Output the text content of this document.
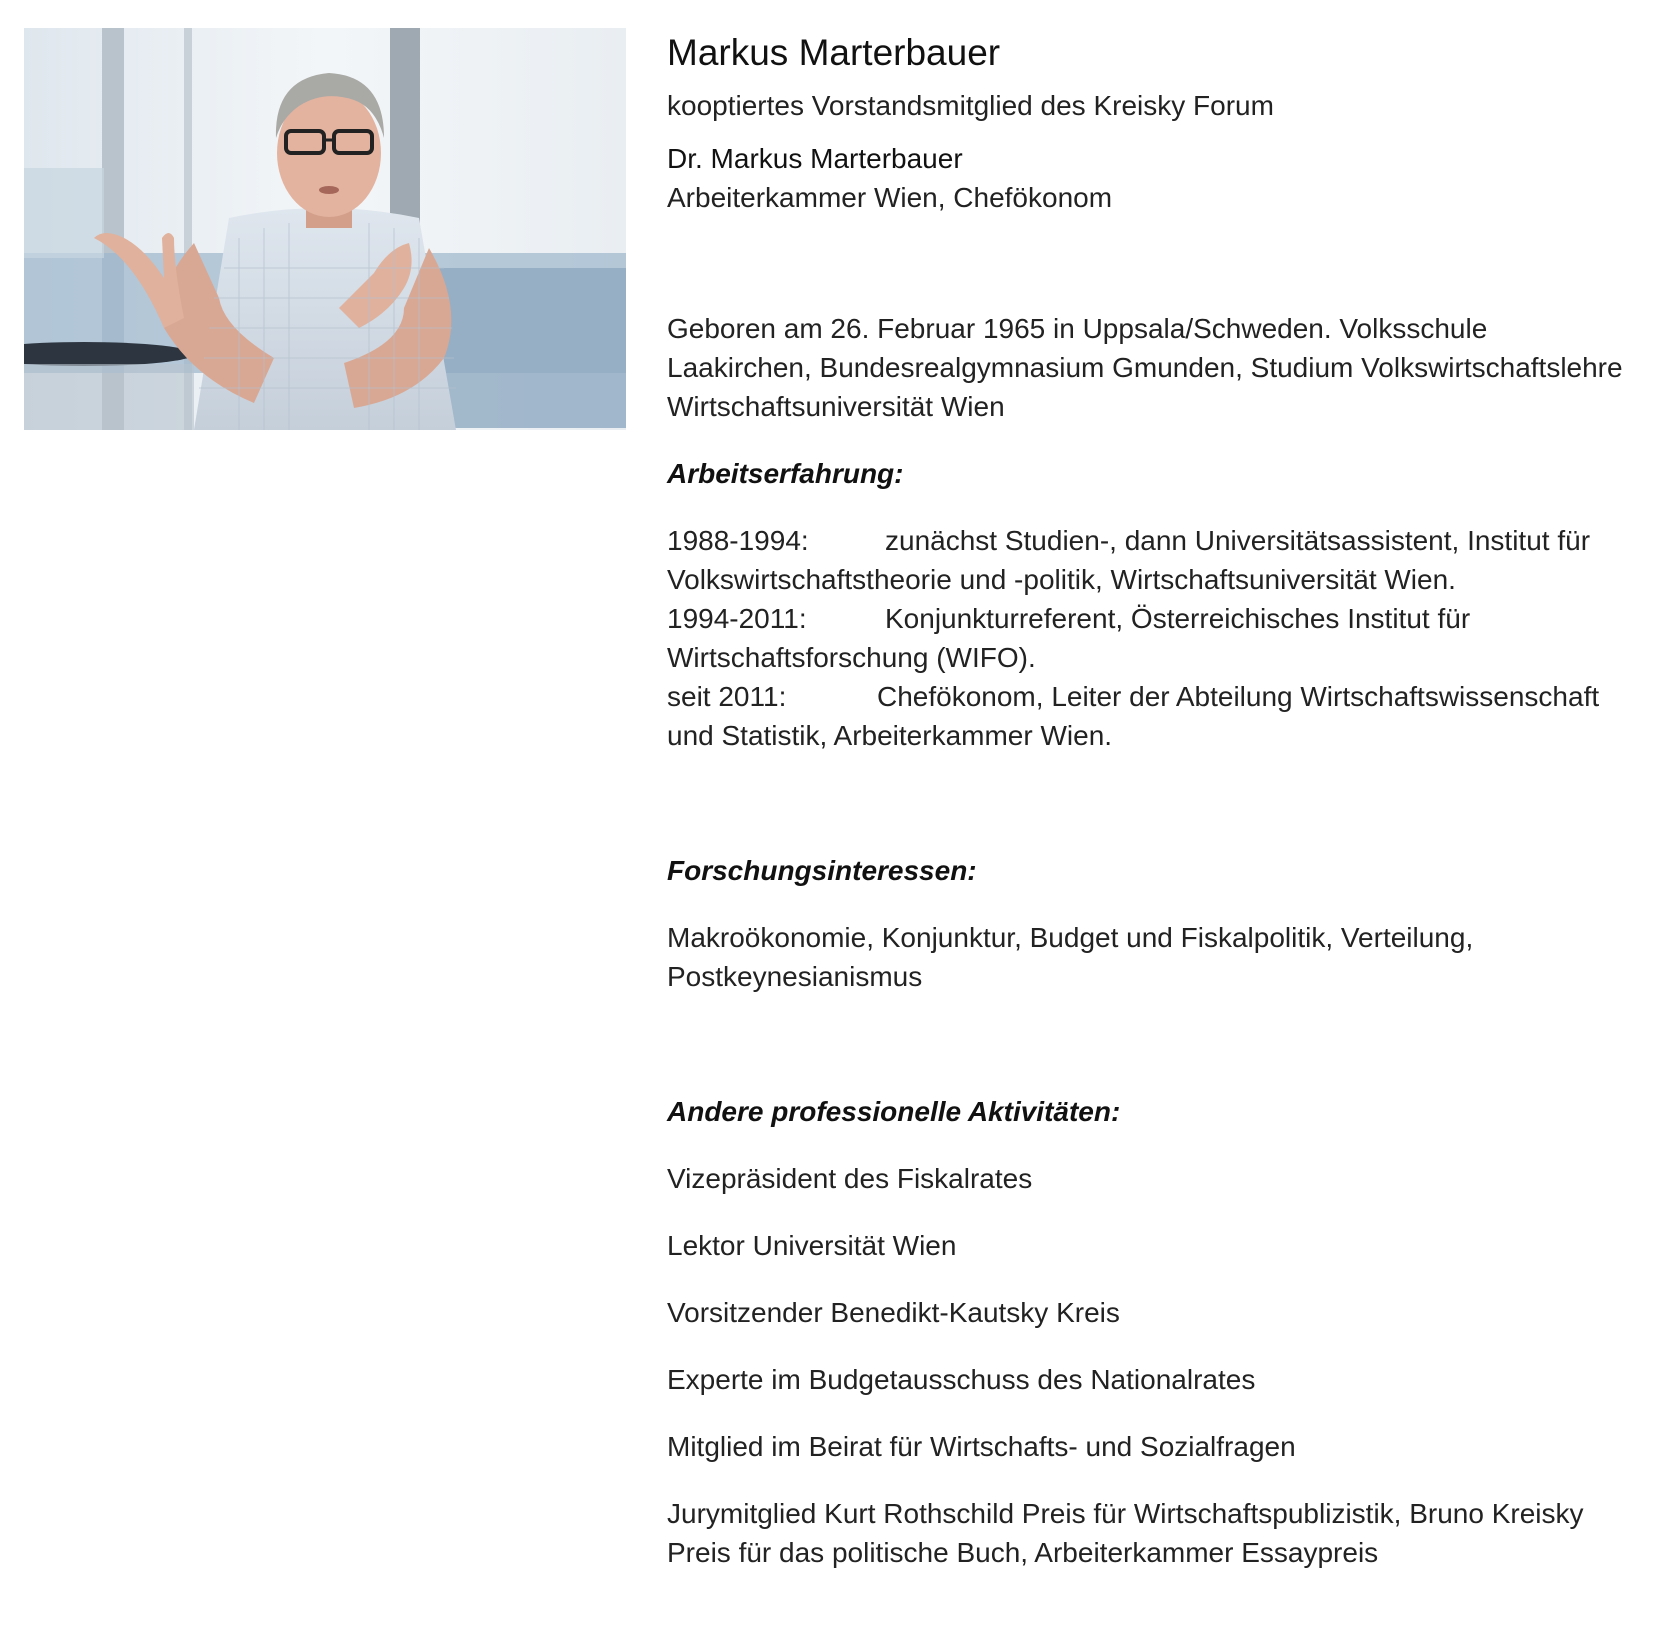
Markus Marterbauer

kooptiertes Vorstandsmitglied des Kreisky Forum

Dr. Markus Marterbauer

Arbeiterkammer Wien, Chefökonom

Geboren am 26. Februar 1965 in Uppsala/Schweden. Volksschule Laakirchen, Bundesrealgymnasium Gmunden, Studium Volkswirtschaftslehre Wirtschaftsuniversität Wien

Arbeitserfahrung:

1988-1994:	zunächst Studien-, dann Universitätsassistent, Institut für Volkswirtschaftstheorie und -politik, Wirtschaftsuniversität Wien.

1994-2011:	Konjunkturreferent, Österreichisches Institut für Wirtschaftsforschung (WIFO).

seit 2011:	Chefökonom, Leiter der Abteilung Wirtschaftswissenschaft und Statistik, Arbeiterkammer Wien.

Forschungsinteressen:

Makroökonomie, Konjunktur, Budget und Fiskalpolitik, Verteilung, Postkeynesianismus

Andere professionelle Aktivitäten:

Vizepräsident des Fiskalrates

Lektor Universität Wien

Vorsitzender Benedikt-Kautsky Kreis

Experte im Budgetausschuss des Nationalrates

Mitglied im Beirat für Wirtschafts- und Sozialfragen

Jurymitglied Kurt Rothschild Preis für Wirtschaftspublizistik, Bruno Kreisky Preis für das politische Buch, Arbeiterkammer Essaypreis
